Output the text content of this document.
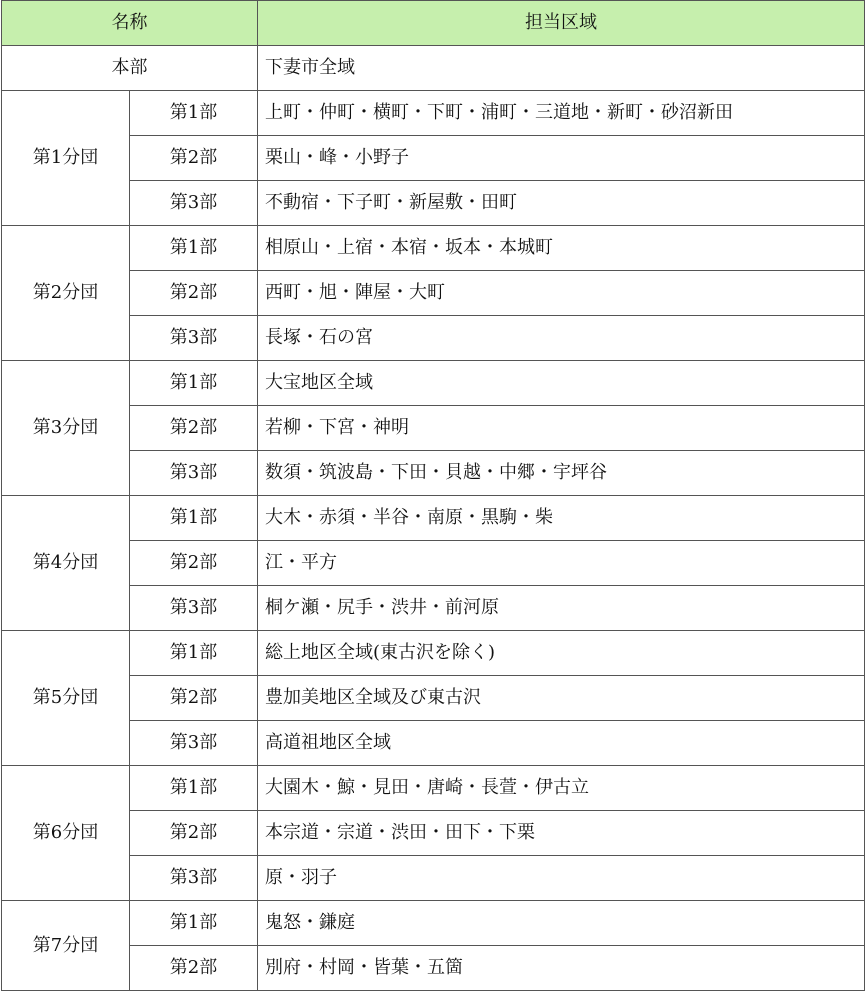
名称		担当区域
本部		下妻市全域
第1分団	第1部	上町・仲町・横町・下町・浦町・三道地・新町・砂沼新田
	第2部	栗山・峰・小野子
	第3部	不動宿・下子町・新屋敷・田町
第2分団	第1部	相原山・上宿・本宿・坂本・本城町
	第2部	西町・旭・陣屋・大町
	第3部	長塚・石の宮
第3分団	第1部	大宝地区全域
	第2部	若柳・下宮・神明
	第3部	数須・筑波島・下田・貝越・中郷・宇坪谷
第4分団	第1部	大木・赤須・半谷・南原・黒駒・柴
	第2部	江・平方
	第3部	桐ケ瀬・尻手・渋井・前河原
第5分団	第1部	総上地区全域(東古沢を除く)
	第2部	豊加美地区全域及び東古沢
	第3部	高道祖地区全域
第6分団	第1部	大園木・鯨・見田・唐崎・長萱・伊古立
	第2部	本宗道・宗道・渋田・田下・下栗
	第3部	原・羽子
第7分団	第1部	鬼怒・鎌庭
	第2部	別府・村岡・皆葉・五箇
